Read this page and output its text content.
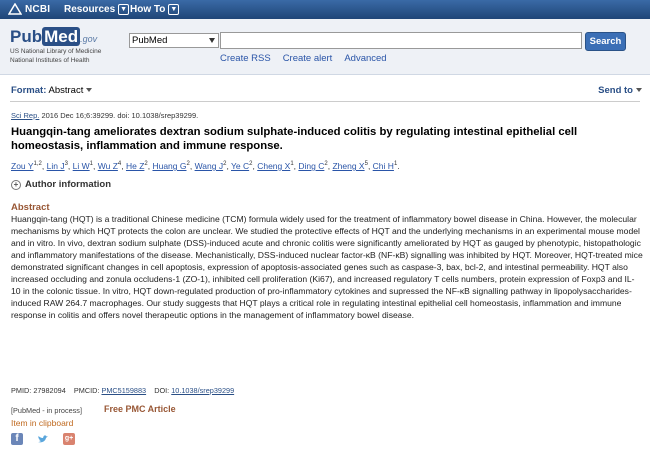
NCBI Resources ▼ How To ▼
Pub Med .gov
US National Library of Medicine
National Institutes of Health
PubMed	Search
Create RSS Create alert Advanced
Format: Abstract	Send to
Sci Rep. 2016 Dec 16;6:39299. doi: 10.1038/srep39299.
Huangqin-tang ameliorates dextran sodium sulphate-induced colitis by regulating intestinal epithelial cell homeostasis, inflammation and immune response.
Zou Y$^{1,2}$, Lin $J^3$, Li $W^1$, Wu $Z^4$, He $Z^2$, Huang $G^2$, Wang $J^2$, Ye $C^2$, Cheng $X^1$, Ding $C^2$, Zheng $X^5$, Chi $H^1$.
+ Author information
Abstract
Huangqin-tang (HQT) is a traditional Chinese medicine (TCM) formula widely used for the treatment of inflammatory bowel disease in China. However, the molecular mechanisms by which HQT protects the colon are unclear. We studied the protective effects of HQT and the underlying mechanisms in an experimental mouse model and in vitro. In vivo, dextran sodium sulphate (DSS)-induced acute and chronic colitis were significantly ameliorated by HQT as gauged by phenotypic, histopathologic and inflammatory manifestations of the disease. Mechanistically, DSS-induced nuclear factor-κB (NF-κB) signalling was inhibited by HQT. Moreover, HQT-treated mice demonstrated significant changes in cell apoptosis, expression of apoptosis-associated genes such as caspase-3, bax, bcl-2, and intestinal permeability. HQT also increased occluding and zonula occludens-1 (ZO-1), inhibited cell proliferation (Ki67), and increased regulatory T cells numbers, protein expression of Foxp3 and IL-10 in the colonic tissue. In vitro, HQT down-regulated production of pro-inflammatory cytokines and supressed the NF-κB signalling pathway in lipopolysaccharides-induced RAW 264.7 macrophages. Our study suggests that HQT plays a critical role in regulating intestinal epithelial cell homeostasis, inflammation and immune response in colitis and offers novel therapeutic options in the management of inflammatory bowel disease.
PMID: 27982094 PMCID: PMC5159883 DOI: 10.1038/srep39299
[PubMed - in process] Free PMC Article
Item in clipboard
f	g+
